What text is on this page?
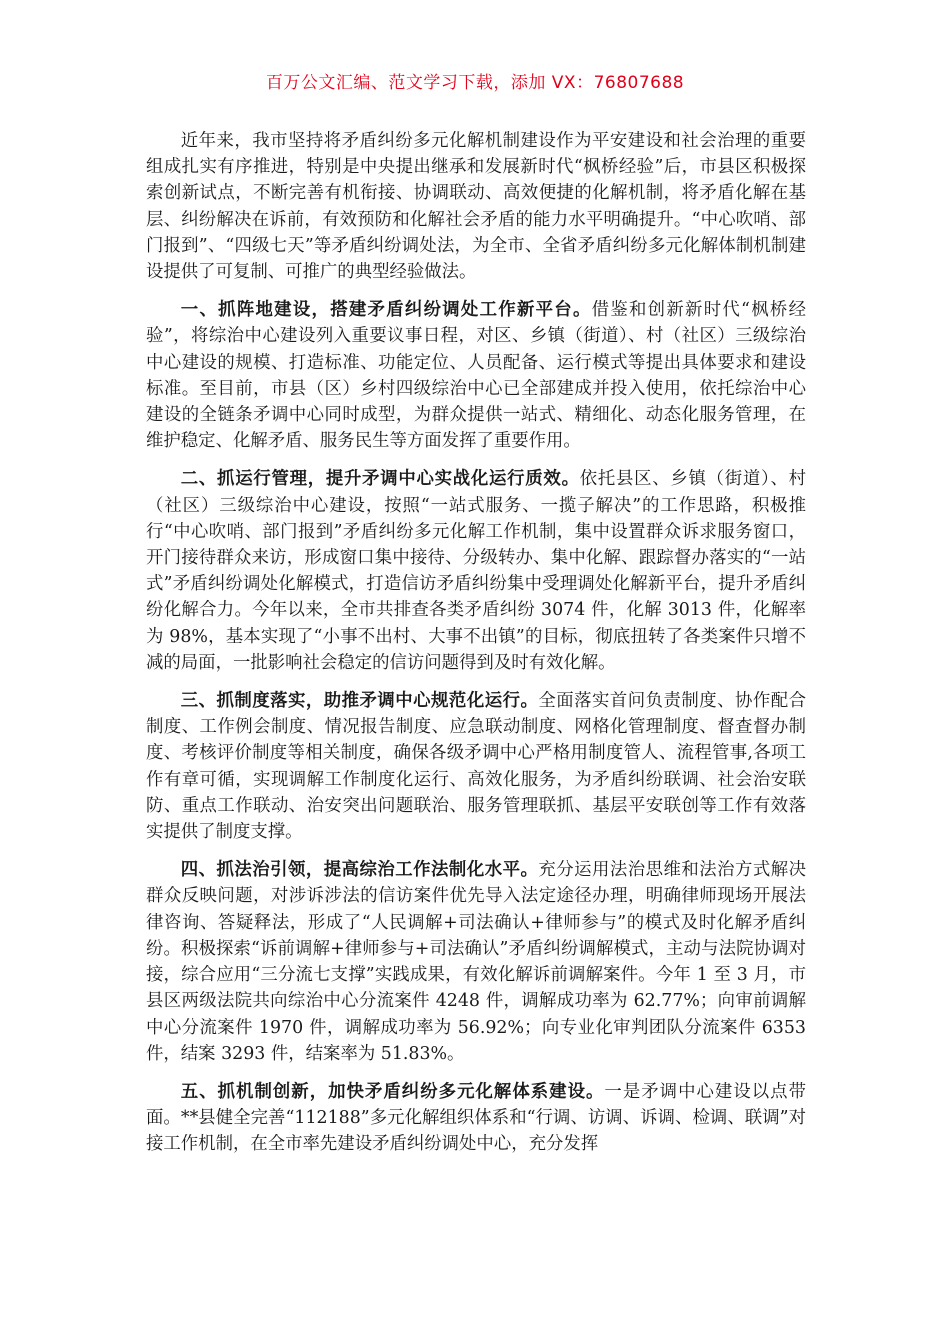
百万公文汇编、范文学习下载，添加 VX：76807688

近年来，我市坚持将矛盾纠纷多元化解机制建设作为平安建设和社会治理的重要组成扎实有序推进，特别是中央提出继承和发展新时代“枫桥经验”后，市县区积极探索创新试点，不断完善有机衔接、协调联动、高效便捷的化解机制，将矛盾化解在基层、纠纷解决在诉前，有效预防和化解社会矛盾的能力水平明确提升。“中心吹哨、部门报到”、“四级七天”等矛盾纠纷调处法，为全市、全省矛盾纠纷多元化解体制机制建设提供了可复制、可推广的典型经验做法。

一、抓阵地建设，搭建矛盾纠纷调处工作新平台。借鉴和创新新时代“枫桥经验”，将综治中心建设列入重要议事日程，对区、乡镇（街道）、村（社区）三级综治中心建设的规模、打造标准、功能定位、人员配备、运行模式等提出具体要求和建设标准。至目前，市县（区）乡村四级综治中心已全部建成并投入使用，依托综治中心建设的全链条矛调中心同时成型，为群众提供一站式、精细化、动态化服务管理，在维护稳定、化解矛盾、服务民生等方面发挥了重要作用。

二、抓运行管理，提升矛调中心实战化运行质效。依托县区、乡镇（街道）、村（社区）三级综治中心建设，按照“一站式服务、一揽子解决”的工作思路，积极推行“中心吹哨、部门报到”矛盾纠纷多元化解工作机制，集中设置群众诉求服务窗口，开门接待群众来访，形成窗口集中接待、分级转办、集中化解、跟踪督办落实的“一站式”矛盾纠纷调处化解模式，打造信访矛盾纠纷集中受理调处化解新平台，提升矛盾纠纷化解合力。今年以来，全市共排查各类矛盾纠纷 3074 件，化解 3013 件，化解率为 98%，基本实现了“小事不出村、大事不出镇”的目标，彻底扭转了各类案件只增不减的局面，一批影响社会稳定的信访问题得到及时有效化解。

三、抓制度落实，助推矛调中心规范化运行。全面落实首问负责制度、协作配合制度、工作例会制度、情况报告制度、应急联动制度、网格化管理制度、督查督办制度、考核评价制度等相关制度，确保各级矛调中心严格用制度管人、流程管事,各项工作有章可循，实现调解工作制度化运行、高效化服务，为矛盾纠纷联调、社会治安联防、重点工作联动、治安突出问题联治、服务管理联抓、基层平安联创等工作有效落实提供了制度支撑。

四、抓法治引领，提高综治工作法制化水平。充分运用法治思维和法治方式解决群众反映问题，对涉诉涉法的信访案件优先导入法定途径办理，明确律师现场开展法律咨询、答疑释法，形成了“人民调解+司法确认+律师参与”的模式及时化解矛盾纠纷。积极探索“诉前调解+律师参与+司法确认”矛盾纠纷调解模式，主动与法院协调对接，综合应用“三分流七支撑”实践成果，有效化解诉前调解案件。今年 1 至 3 月，市县区两级法院共向综治中心分流案件 4248 件，调解成功率为 62.77%；向审前调解中心分流案件 1970 件，调解成功率为 56.92%；向专业化审判团队分流案件 6353 件，结案 3293 件，结案率为 51.83%。

五、抓机制创新，加快矛盾纠纷多元化解体系建设。一是矛调中心建设以点带面。**县健全完善“112188”多元化解组织体系和“行调、访调、诉调、检调、联调”对接工作机制，在全市率先建设矛盾纠纷调处中心，充分发挥
